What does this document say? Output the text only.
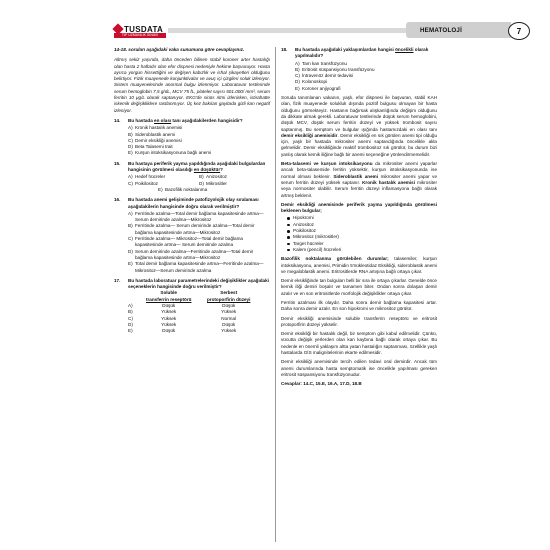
TUSDATA
TIP UZMANLIK SINAVI HAZIRLIK
HEMATOLOJİ	7

14-18. soruları aşağıdaki vaka sunumuna göre cevaplayınız.

Altmış sekiz yaşında, daha önceden bilinen stabil koroner arter hastalığı olan hasta 2 haftadır olan efor dispnesi nedeniyle hekime başvuruyor. Hasta ayrıca yorgun hissettiğini ve değişen kabızlık ve ishal şikayetleri olduğunu belirtiyor. Fizik muayenede konjunktivalar ve avuç içi çizgileri soluk izleniyor. Sistem muayenelerinde anormal bulgu izlenmiyor. Laboratuvar testlerinde serum hemoglobin 7,5 g/dL, MCV 75 fL, platelet sayısı 501.000/ mm³, serum ferritin 10 μg/L olarak saptanıyor. EKG'de sinüs ritmi izlenirken, istirahatte iskemik değişikliklere rastlanmıyor. Üç kez bakılan gayitada gizli kan negatif izleniyor.

14.	Bu hastada en olası tanı aşağıdakilerden hangisidir?
A) Kronik hastalık anemisi
B) Sideroblastik anemi
C) Demir eksikliği anemisi
D) Beta Talasemi trait
E) Kurşun intoksikasyonuna bağlı anemi
15.	Bu hastaya periferik yayma yapıldığında aşağıdaki bulgulardan hangisinin görülmesi olasılığı en düşüktür?
A) Hedef hücreler	B) Anizositoz
C) Poikilositoz	D) Mikrositler
E) Bazofilik noktalanma
16.	Bu hastada anemi gelişiminde patofizyolojik olay sıralaması aşağıdakilerin hangisinde doğru olarak verilmiştir?
A) Ferritinde azalma—Total demir bağlama kapasitesinde artma—Serum demirinde azalma—Mikrositoz
B) Ferritinde azalma— Serum demirinde azalma—Total demir bağlama kapasitesinde artma—Mikrositoz
C) Ferritinde azalma— Mikrositoz—Total demir bağlama kapasitesinde artma— Serum demirinde azalma
D) Serum demirinde azalma—Ferritinde azalma—Total demir bağlama kapasitesinde artma—Mikrositoz
E) Total demir bağlama kapasitesinde artma—Ferritinde azalma—Mikrositoz—Serum demirinde azalma
17.	Bu hastada laboratuar parametrelerindeki değişiklikler aşağıdaki seçeneklerin hangisinde doğru verilmiştir?
	Soluble	Serbest
	transferrin reseptörü	protoporfirin düzeyi
A)	Düşük	Düşük
B)	Yüksek	Yüksek
C)	Yüksek	Normal
D)	Yüksek	Düşük
E)	Düşük	Yüksek
18.	Bu hastada aşağıdaki yaklaşımlardan hangisi öncelikli olarak yapılmalıdır?
A) Tam kan transfüzyonu
B) Eritrosit süspansiyonu transfüzyonu
C) İntravenöz demir tedavisi
D) Kolonoskopi
E) Koroner anjiyografi

Soruda tanımlanan vakanın, yaşlı, efor dispnesi ile başvuran, stabil KAH olan, fizik muayenede solukluk dışında pozitif bulgusu olmayan bir hasta olduğunu görmekteyiz. Hastanın bağırsak alışkanlığında değişim olduğunu da dikkate almak gerekli. Laboratuvar testlerinde düşük serum hemoglobini, düşük MCV, düşük serum ferritin düzeyi ve yüksek trombosit sayısı saptanmış. Bu semptom ve bulgular ışığında hastamızdaki en olası tanı demir eksikliği anemisidir. Demir eksikliği en sık görülen anemi tipi olduğu için, yaşlı bir hastada mikrositer anemi saptandığında öncelikle akla gelmelidir. Demir eksikliğinde reaktif trombositoz sık görülür, bu durum bizi yanlış olarak kemik iliğine bağlı bir anemi seçeneğine yönlendirmemelidir.

Beta-talasemi ve kurşun intoksikasyonu da mikrositer anemi yaparlar ancak beta-talasemide ferritin yüksektir, kurşun intoksikasyonunda ise normal olması beklenir. Sideroblastik anemi mikrositer anemi yapar ve serum ferritin düzeyi yüksek saptanır. Kronik hastalık anemisi mikrositer veya normositer olabilir. Serum ferritin düzeyi inflamasyona bağlı olarak artmış beklenir.

Demir eksikliği anemisinde periferik yayma yapıldığında görülmesi beklenen bulgular;

Hipokromi
Anizositoz
Poikilositoz
Mikrositoz (mikrositler)
Target hücreler
Kalem (pencil) hücreleri

Bazofilik noktalanma görülebilen durumlar; talasemiler, kurşun intoksikasyonu, anemisi, Primidin 5'nükleotidaz Eksikliği, sideroblastik anemi ve megaloblastik anemi. Eritrositlerde RNA artışına bağlı ortaya çıkar.

Demir eksikliğinde tan bulguları belli bir sıra ile ortaya çıkarlar. Genelde önce kemik iliği demiri boşalır ve tamamen biter. Ondan sonra dolaşan demir azalır ve en son eritrositlerde morfolojik değişiklikler ortaya çıkar.

Ferritin azalması ilk olaydır. Daha sonra demir bağlama kapasitesi artar. Daha sonra demir azalır. En son hipokromi ve mikrositoz görülür.

Demir eksikliği anemisinde soluble transferrin reseptörü ve eritrosit protoporfirin düzeyi yükselir.

Demir eksikliği bir hastalık değil, bir semptom gibi kabul edilmelidir. Çünkü, vücutta değişik yerlerden olan kan kaybına bağlı olarak ortaya çıkar. Bu nedenle en önemli yaklaşım altta yatan hastalığın saptanması, özellikle yaşlı hastalarda GİS malignitelerinin ekarte edilmesidir.

Demir eksikliği anemisinde tercih edilen tedavi oral demirdir. Ancak tüm anemi durumlarında hasta semptomatik ise öncelikle yapılması gereken eritrosit süspansiyonu transfüzyonudur.

Cevaplar: 14.C, 15.E, 16.A, 17.D, 18.B
